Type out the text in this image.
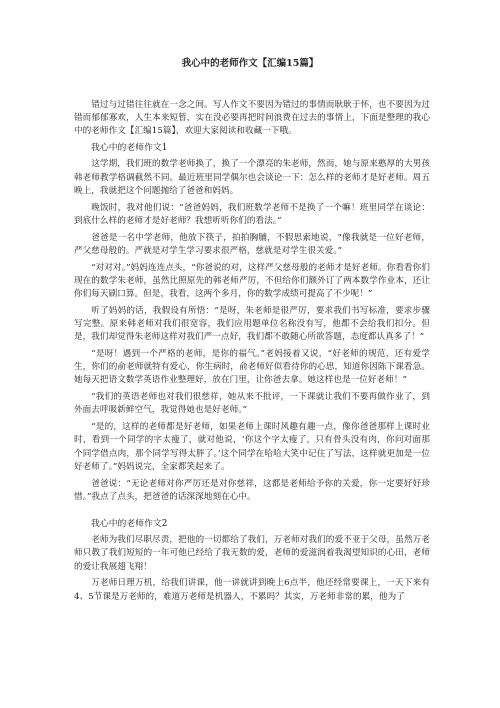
我心中的老师作文【汇编15篇】

错过与过错往往就在一念之间。写人作文不要因为错过的事情而耿耿于怀，也不要因为过错而郁郁寡欢，人生本来短暂，实在没必要再把时间浪费在过去的事情上，下面是整理的我心中的老师作文【汇编15篇】，欢迎大家阅读和收藏一下哦。

我心中的老师作文1

这学期，我们班的数学老师换了，换了一个漂亮的朱老师，然而，她与原来憨厚的大男孩韩老师教学格调截然不同。最近班里同学偶尔也会谈论一下：怎么样的老师才是好老师。周五晚上，我就把这个问题抛给了爸爸和妈妈。

晚饭时，我对他们说：“爸爸妈妈，我们班数学老师不是换了一个嘛！班里同学在谈论：到底什么样的老师才是好老师？我想听听你们的看法。”

爸爸是一名中学老师，他放下筷子，拍拍胸脯，不假思索地说，“像我就是一位好老师，严父慈母般的。严就是对学生学习要求很严格，慈就是对学生很关爱。”

“对对对。”妈妈连连点头，“你爸说的对，这样严父慈母般的老师才是好老师。你看看你们现在的数学朱老师，虽然比照原先的韩老师严厉，不但给你们额外订了两本数学作业本，还让你们每天刷口算。但是，我看，这两个多月，你的数学成绩可提高了不少呢！”

听了妈妈的话，我假设有所悟：“是呀，朱老师是很严厉，要求我们书写标准，要求步骤写完整。原来韩老师对我们很宽容，我们应用题单位名称没有写，他都不会给我们扣分。但是，我们却觉得朱老师这样对我们严一点好，我们都不敢随心所欲答题，态度都认真多了！”

“是呀！遇到一个严格的老师，是你的福气。”老妈接着又说，“好老师的规范，还有爱学生，你们的俞老师就特有爱心，你生病时，俞老师好似看待你的心思，知道你因陈下课看急。她每天把语文数学英语作业整理好，放在门里，让你爸去拿。她这样也是一位好老师！”

“我们的英语老师也对我们很慈祥，她从来不批评，一下课就让我们不要再做作业了，到外面去呼吸新鲜空气，我觉得她也是好老师。”

“是的，这样的老师都是好老师，如果老师上课时风趣有趣一点，像你爸爸那样上课时业时，看到一个同学的字太瘦了，就对他说，‘你这个字太瘦了，只有骨头没有肉，你问对面那个同学借点肉，那个同学写得太胖了。’这个同学在哈哈大笑中记住了写法，这样就更加是一位好老师了。”妈妈说完，全家都笑起来了。

爸爸说：“无论老师对你严厉还是对你慈祥，这都是老师给予你的关爱，你一定要好好珍惜。”我点了点头，把爸爸的话深深地刻在心中。

我心中的老师作文2

老师为我们尽职尽责，把他的一切都给了我们，万老师对我们的爱不亚于父母，虽然万老师只教了我们短短的一年可他已经给了我无数的爱，老师的爱滋润着我渴望知识的心田，老师的爱让我展翅飞翔！

万老师日理万机，给我们讲课，他一讲就讲到晚上6点半，他还经常要课上，一天下来有4、5节课是万老师的，难道万老师是机器人，不累吗？其实，万老师非常的累，他为了
